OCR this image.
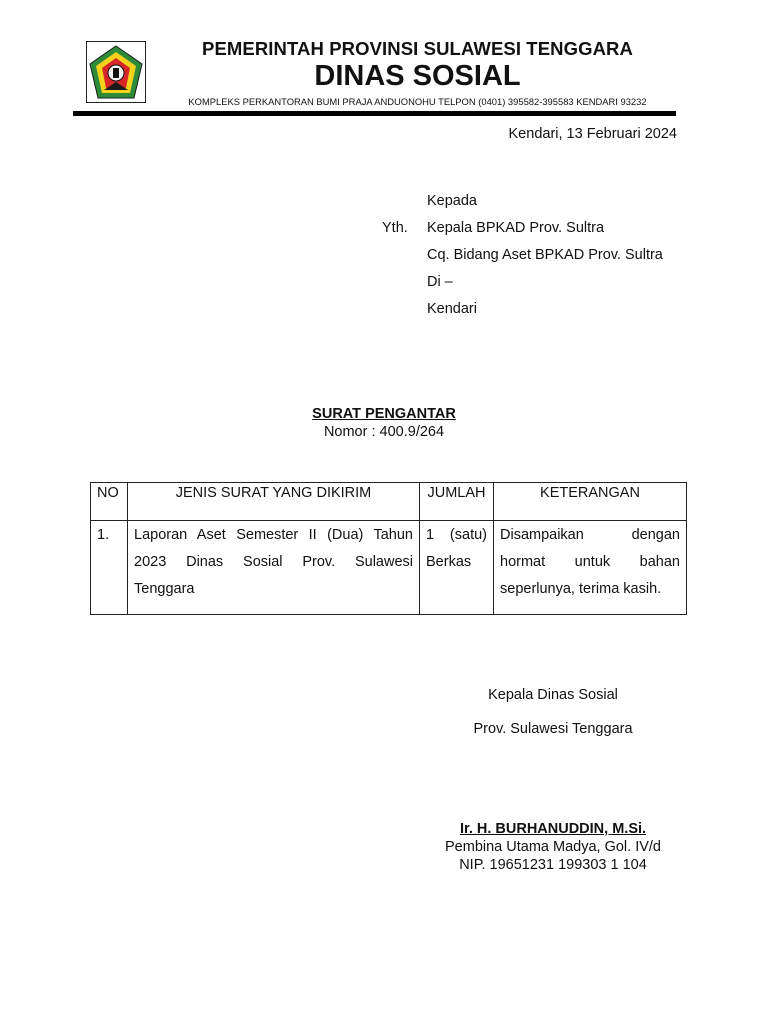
PEMERINTAH PROVINSI SULAWESI TENGGARA
DINAS SOSIAL
KOMPLEKS PERKANTORAN BUMI PRAJA ANDUONOHU TELPON (0401) 395582-395583 KENDARI 93232
Kendari, 13 Februari 2024
Yth.
Kepada
Kepala BPKAD Prov. Sultra
Cq. Bidang Aset BPKAD Prov. Sultra
Di –
Kendari
SURAT PENGANTAR
Nomor : 400.9/264
NO	JENIS SURAT YANG DIKIRIM	JUMLAH	KETERANGAN
1.	Laporan Aset Semester II (Dua) Tahun 2023 Dinas Sosial Prov. Sulawesi Tenggara	1 (satu) Berkas	Disampaikan dengan hormat untuk bahan seperlunya, terima kasih.
Kepala Dinas Sosial
Prov. Sulawesi Tenggara
Ir. H. BURHANUDDIN, M.Si.
Pembina Utama Madya, Gol. IV/d
NIP. 19651231 199303 1 104
